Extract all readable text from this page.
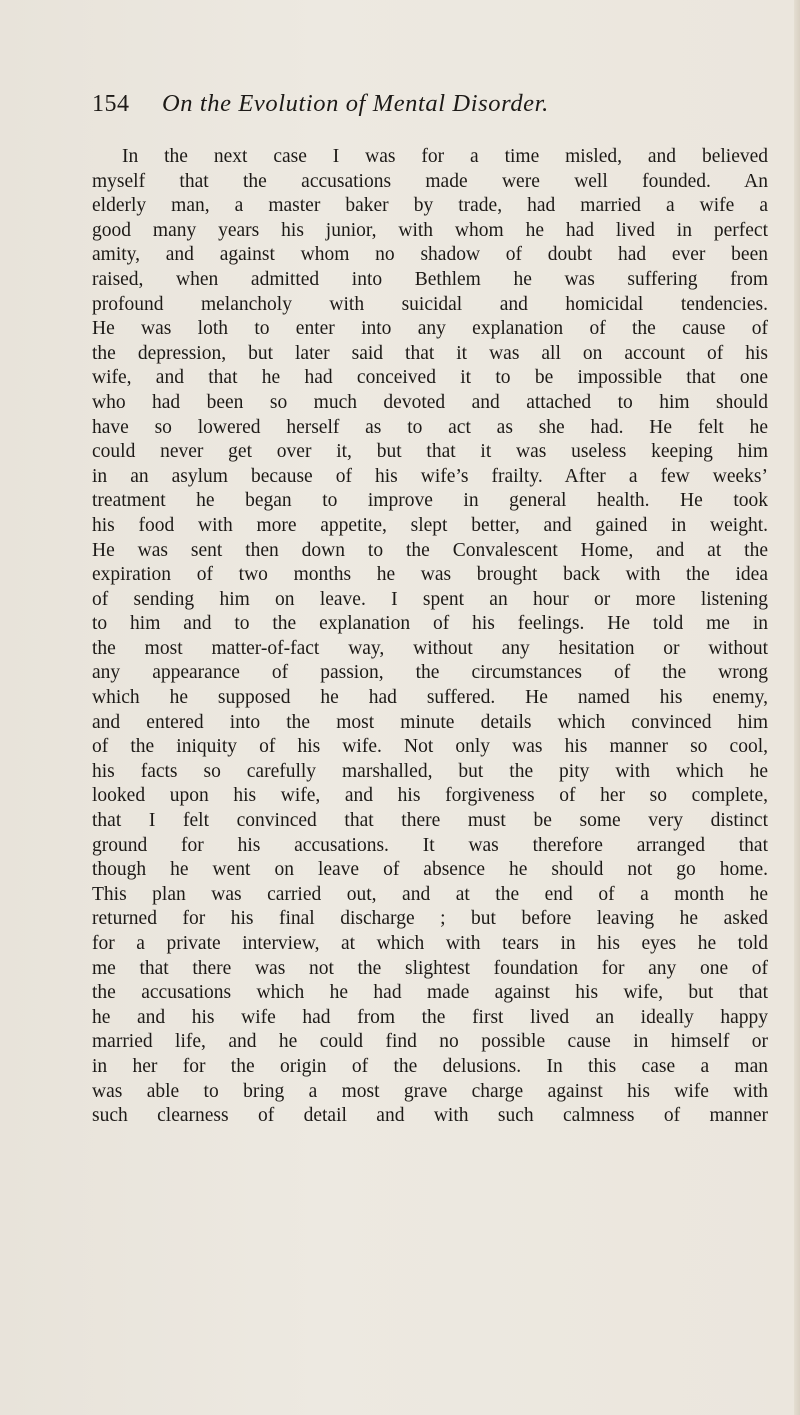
154 On the Evolution of Mental Disorder.
In the next case I was for a time misled, and believed
myself that the accusations made were well founded. An
elderly man, a master baker by trade, had married a wife a
good many years his junior, with whom he had lived in perfect
amity, and against whom no shadow of doubt had ever been
raised, when admitted into Bethlem he was suffering from
profound melancholy with suicidal and homicidal tendencies.
He was loth to enter into any explanation of the cause of
the depression, but later said that it was all on account of his
wife, and that he had conceived it to be impossible that one
who had been so much devoted and attached to him should
have so lowered herself as to act as she had. He felt he
could never get over it, but that it was useless keeping him
in an asylum because of his wife’s frailty. After a few weeks’
treatment he began to improve in general health. He took
his food with more appetite, slept better, and gained in weight.
He was sent then down to the Convalescent Home, and at the
expiration of two months he was brought back with the idea
of sending him on leave. I spent an hour or more listening
to him and to the explanation of his feelings. He told me in
the most matter-of-fact way, without any hesitation or without
any appearance of passion, the circumstances of the wrong
which he supposed he had suffered. He named his enemy,
and entered into the most minute details which convinced him
of the iniquity of his wife. Not only was his manner so cool,
his facts so carefully marshalled, but the pity with which he
looked upon his wife, and his forgiveness of her so complete,
that I felt convinced that there must be some very distinct
ground for his accusations. It was therefore arranged that
though he went on leave of absence he should not go home.
This plan was carried out, and at the end of a month he
returned for his final discharge ; but before leaving he asked
for a private interview, at which with tears in his eyes he told
me that there was not the slightest foundation for any one of
the accusations which he had made against his wife, but that
he and his wife had from the first lived an ideally happy
married life, and he could find no possible cause in himself or
in her for the origin of the delusions. In this case a man
was able to bring a most grave charge against his wife with
such clearness of detail and with such calmness of manner
